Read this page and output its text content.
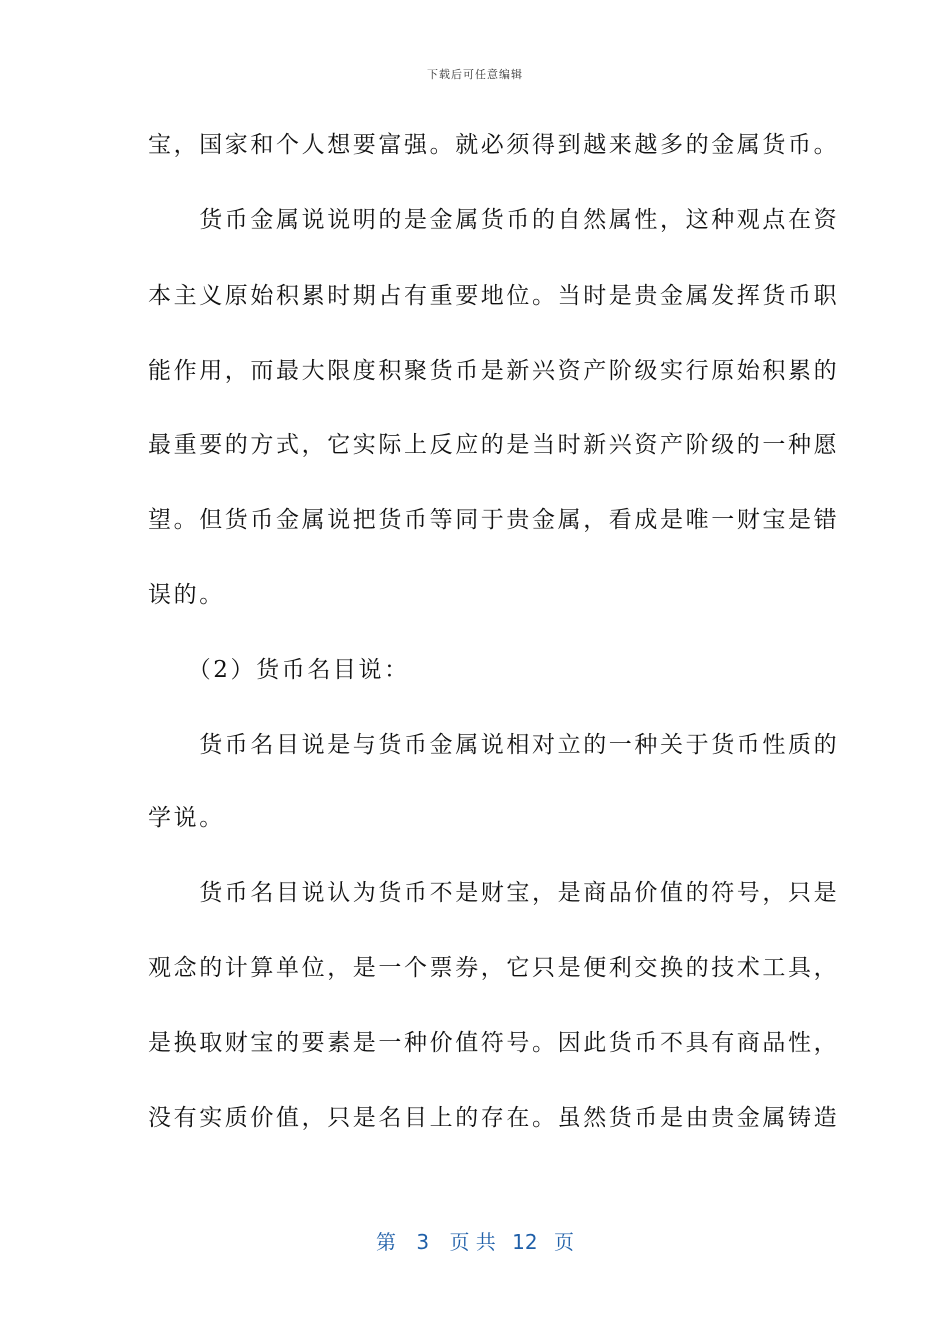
下载后可任意编辑
宝，国家和个人想要富强。就必须得到越来越多的金属货币。
　　货币金属说说明的是金属货币的自然属性，这种观点在资
本主义原始积累时期占有重要地位。当时是贵金属发挥货币职
能作用，而最大限度积聚货币是新兴资产阶级实行原始积累的
最重要的方式，它实际上反应的是当时新兴资产阶级的一种愿
望。但货币金属说把货币等同于贵金属，看成是唯一财宝是错
误的。
　　（2）货币名目说：
　　货币名目说是与货币金属说相对立的一种关于货币性质的
学说。
　　货币名目说认为货币不是财宝，是商品价值的符号，只是
观念的计算单位，是一个票券，它只是便利交换的技术工具，
是换取财宝的要素是一种价值符号。因此货币不具有商品性，
没有实质价值，只是名目上的存在。虽然货币是由贵金属铸造
第 3 页 共 12 页
